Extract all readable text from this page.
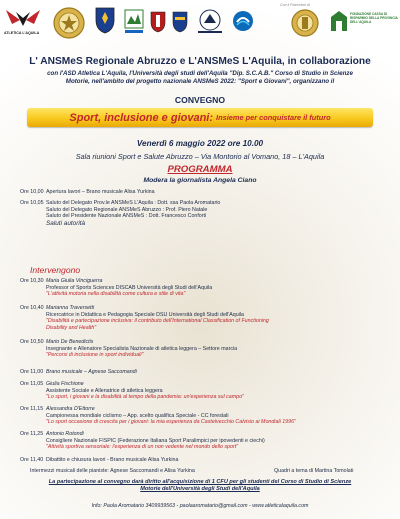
Con il Patrocinio di
ATLETICA L'AQUILA
FONDAZIONE CASSA DI RISPARMIO DELLA PROVINCIA DELL'AQUILA
L' ANSMeS Regionale Abruzzo e L'ANSMeS L'Aquila, in collaborazione
con l'ASD Atletica L'Aquila, l'Università degli studi dell'Aquila "Dip. S.C.A.B." Corso di Studio in Scienze
Motorie, nell'ambito del progetto nazionale ANSMeS 2022: "Sport e Giovani", organizzano il
CONVEGNO
Sport, inclusione e giovani: Insieme per conquistare il futuro
Venerdì 6 maggio 2022 ore 10.00
Sala riunioni Sport e Salute Abruzzo – Via Montorio al Vomano, 18 – L'Aquila
PROGRAMMA
Modera la giornalista Angela Ciano
Ore 10,00 Apertura lavori – Brano musicale Alisa Yurkina
Ore 10,05 Saluto del Delegato Prov.le ANSMeS L'Aquila : Dott. ssa Paola Aromatario
Saluto del Delegato Regionale ANSMeS Abruzzo : Prof. Piero Natale
Saluto del Presidente Nazionale ANSMeS : Dott. Francesco Conforti
Saluti autorità
Intervengono
Ore 10,30 Maria Giulia Vinciguerra
Professor of Sports Sciences DISCAB Università degli Studi dell'Aquila
"L'attività motoria nella disabilità come cultura e stile di vita"
Ore 10,40 Marianna Traversetti
Ricercatrice in Didattica e Pedagogia Speciale DSU Università degli Studi dell'Aquila
"Disabilità e partecipazione inclusiva: il contributo dell'International Classification of Functioning
Disability and Health"
Ore 10,50 Mario De Benedictis
Insegnante e Allenatore Specialista Nazionale di atletica leggera – Settore marcia
"Percorsi di inclusione in sport individuali"
Ore 11,00 Brano musicale – Agnese Saccomandi
Ore 11,05 Giulia Fischione
Assistente Sociale e Allenatrice di atletica leggera
"Lo sport, i giovani e la disabilità al tempo della pandemia: un'esperienza sul campo"
Ore 11,15 Alessandra D'Ettorre
Campionessa mondiale ciclismo – App. scelto qualifica Speciale - CC forestali
"Lo sport occasione di crescita per i giovani: la mia esperienza da Castelvecchio Calvisio ai Mondiali 1996"
Ore 11,25 Antonio Rotondi
Consigliere Nazionale FISPIC (Federazione Italiana Sport Paralimpici per ipovedenti e ciechi)
"Attività sportiva sensoriale: l'esperienza di un non vedente nel mondo dello sport"
Ore 11,40 Dibattito e chiusura lavori - Brano musicale Alisa Yurkina
Intermezzi musicali delle pianiste: Agnese Saccomandi e Alisa Yurkina	Quadri a tema di Martina Tomolati
La partecipazione al convegno darà diritto all'acquisizione di 1 CFU per gli studenti del Corso di Studio di Scienze
Motorie dell'Università degli Studi dell'Aquila
Info: Paola Aromatario 3409939563 - paolaaromatario@gmail.com - www.atleticalaquila.com
